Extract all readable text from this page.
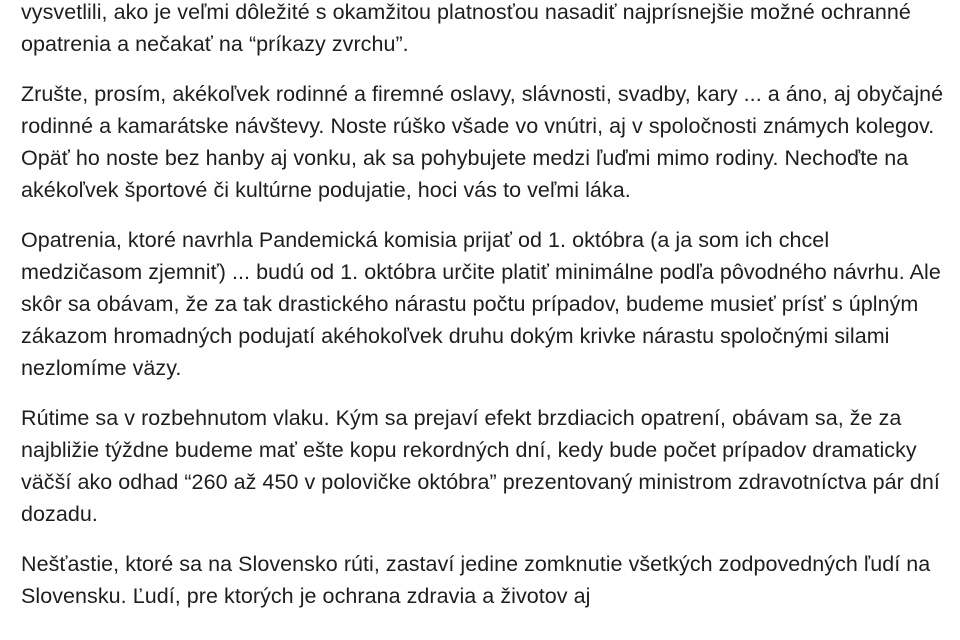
vysvetlili, ako je veľmi dôležité s okamžitou platnosťou nasadiť najprísnejšie možné ochranné opatrenia a nečakať na “príkazy zvrchu”.

Zrušte, prosím, akékoľvek rodinné a firemné oslavy, slávnosti, svadby, kary ... a áno, aj obyčajné rodinné a kamarátske návštevy. Noste rúško všade vo vnútri, aj v spoločnosti známych kolegov. Opäť ho noste bez hanby aj vonku, ak sa pohybujete medzi ľuďmi mimo rodiny. Nechoďte na akékoľvek športové či kultúrne podujatie, hoci vás to veľmi láka.

Opatrenia, ktoré navrhla Pandemická komisia prijať od 1. októbra (a ja som ich chcel medzičasom zjemniť) ... budú od 1. októbra určite platiť minimálne podľa pôvodného návrhu. Ale skôr sa obávam, že za tak drastického nárastu počtu prípadov, budeme musieť prísť s úplným zákazom hromadných podujatí akéhokoľvek druhu dokým krivke nárastu spoločnými silami nezlomíme väzy.

Rútime sa v rozbehnutom vlaku. Kým sa prejaví efekt brzdiacich opatrení, obávam sa, že za najbližie týždne budeme mať ešte kopu rekordných dní, kedy bude počet prípadov dramaticky väčší ako odhad “260 až 450 v polovičke októbra” prezentovaný ministrom zdravotníctva pár dní dozadu.

Nešťastie, ktoré sa na Slovensko rúti, zastaví jedine zomknutie všetkých zodpovedných ľudí na Slovensku. Ľudí, pre ktorých je ochrana zdravia a životov aj
